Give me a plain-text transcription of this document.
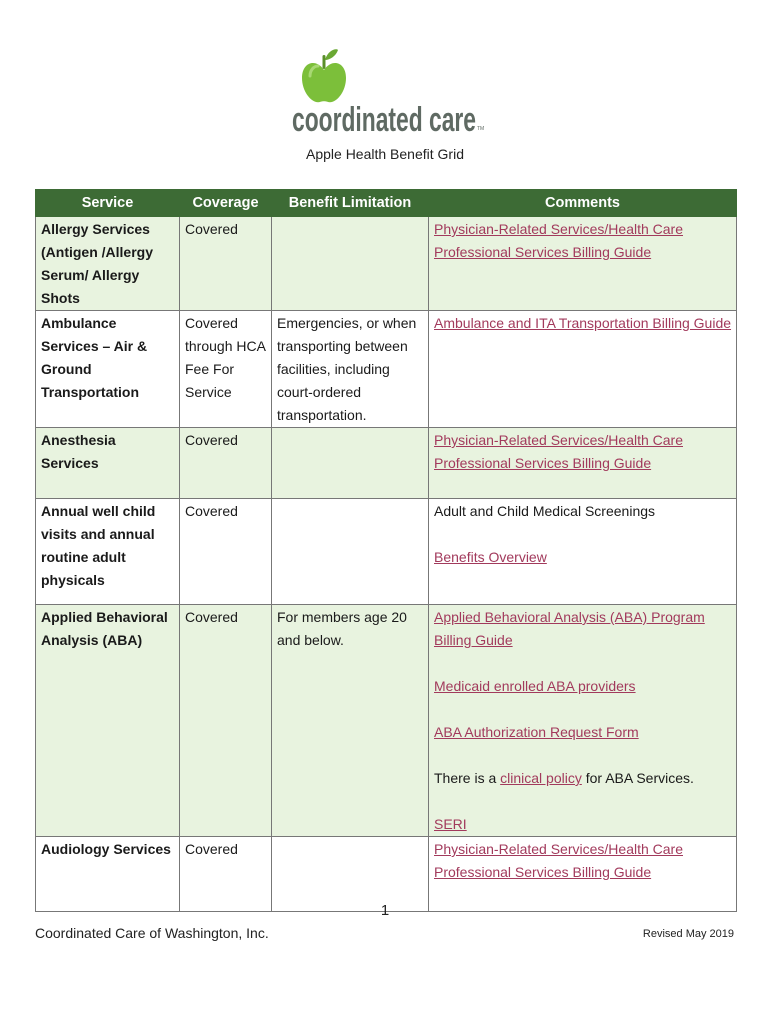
coordinated care TM
Apple Health Benefit Grid
Service	Coverage	Benefit Limitation	Comments
Allergy Services (Antigen /Allergy Serum/ Allergy Shots	Covered		Physician-Related Services/Health Care Professional Services Billing Guide
Ambulance Services – Air & Ground Transportation	Covered through HCA Fee For Service	Emergencies, or when transporting between facilities, including court-ordered transportation.	Ambulance and ITA Transportation Billing Guide
Anesthesia Services	Covered		Physician-Related Services/Health Care Professional Services Billing Guide
Annual well child visits and annual routine adult physicals	Covered		Adult and Child Medical Screenings

Benefits Overview

Applied Behavioral Analysis (ABA)	Covered	For members age 20 and below.	Applied Behavioral Analysis (ABA) Program Billing Guide

Medicaid enrolled ABA providers

ABA Authorization Request Form

There is a clinical policy for ABA Services.

SERI

Audiology Services	Covered		Physician-Related Services/Health Care Professional Services Billing Guide
1
Coordinated Care of Washington, Inc.	Revised May 2019
